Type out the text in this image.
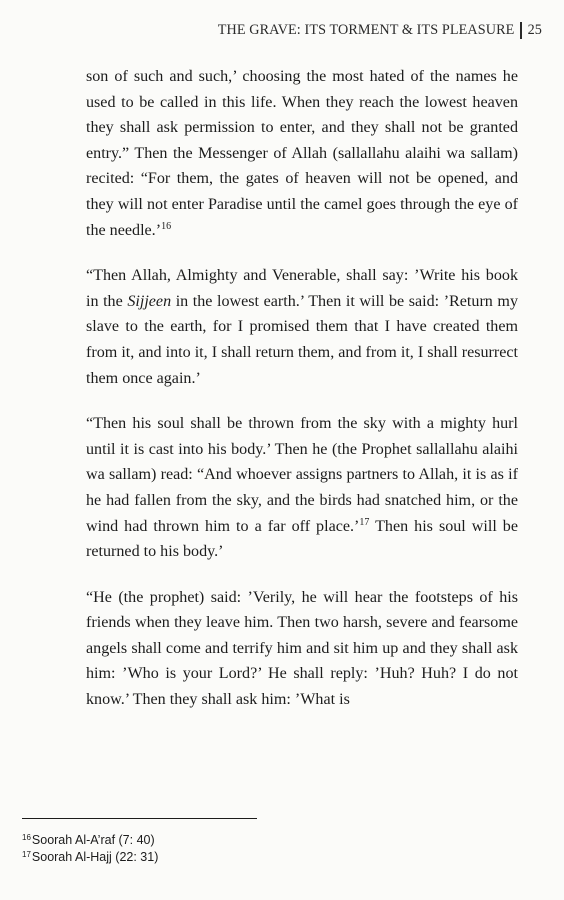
THE GRAVE: ITS TORMENT & ITS PLEASURE 25

son of such and such,’ choosing the most hated of the names he used to be called in this life. When they reach the lowest heaven they shall ask permission to enter, and they shall not be granted entry.” Then the Messenger of Allah (sallallahu alaihi wa sallam) recited: “For them, the gates of heaven will not be opened, and they will not enter Paradise until the camel goes through the eye of the needle.’$^{16}$

“Then Allah, Almighty and Venerable, shall say: ’Write his book in the Sijjeen in the lowest earth.’ Then it will be said: ’Return my slave to the earth, for I promised them that I have created them from it, and into it, I shall return them, and from it, I shall resurrect them once again.’

“Then his soul shall be thrown from the sky with a mighty hurl until it is cast into his body.’ Then he (the Prophet sallallahu alaihi wa sallam) read: “And whoever assigns partners to Allah, it is as if he had fallen from the sky, and the birds had snatched him, or the wind had thrown him to a far off place.’$^{17}$ Then his soul will be returned to his body.’

“He (the prophet) said: ’Verily, he will hear the footsteps of his friends when they leave him. Then two harsh, severe and fearsome angels shall come and terrify him and sit him up and they shall ask him: ’Who is your Lord?’ He shall reply: ’Huh? Huh? I do not know.’ Then they shall ask him: ’What is

$^{16}$Soorah Al-A’raf (7: 40)
$^{17}$Soorah Al-Hajj (22: 31)
